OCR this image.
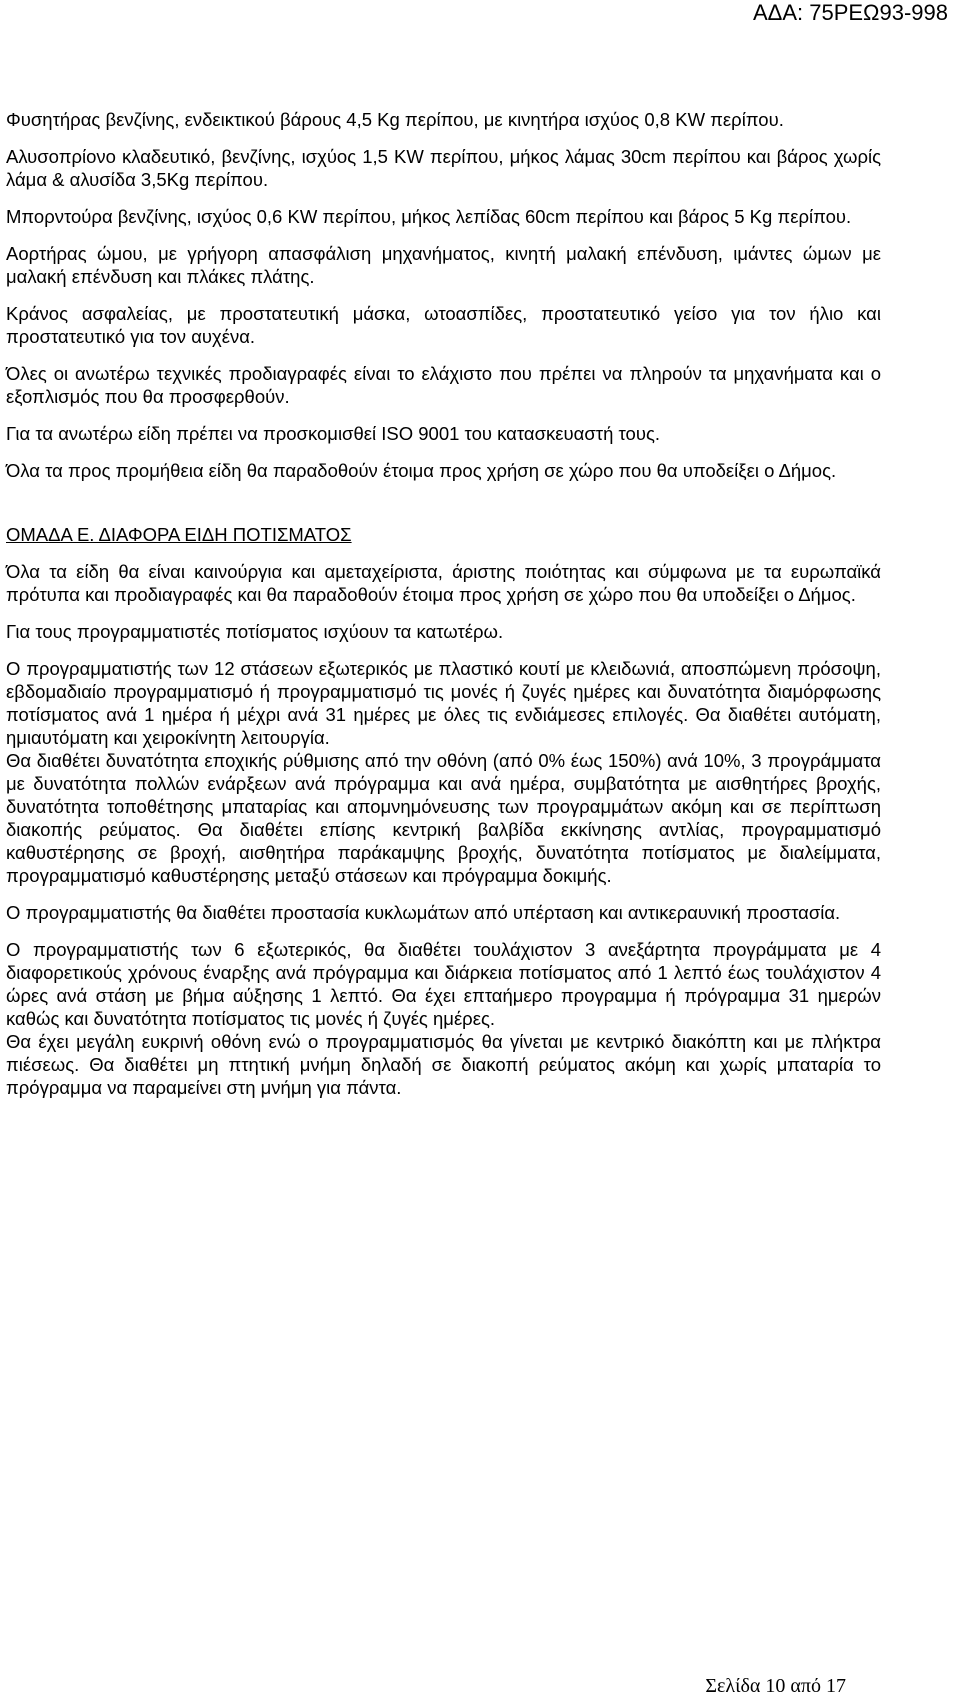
ΑΔΑ: 75ΡΕΩ93-998

Φυσητήρας βενζίνης, ενδεικτικού βάρους 4,5 Kg περίπου, με κινητήρα ισχύος 0,8 KW περίπου.

Αλυσοπρίονο κλαδευτικό, βενζίνης, ισχύος 1,5 KW περίπου, μήκος λάμας 30cm περίπου και βάρος χωρίς λάμα & αλυσίδα 3,5Kg περίπου.

Μπορντούρα βενζίνης, ισχύος 0,6 KW περίπου, μήκος λεπίδας 60cm περίπου και βάρος 5 Kg περίπου.

Αορτήρας ώμου, με γρήγορη απασφάλιση μηχανήματος, κινητή μαλακή επένδυση, ιμάντες ώμων με μαλακή επένδυση και πλάκες πλάτης.

Κράνος ασφαλείας, με προστατευτική μάσκα, ωτοασπίδες, προστατευτικό γείσο για τον ήλιο και προστατευτικό για τον αυχένα.

Όλες οι ανωτέρω τεχνικές προδιαγραφές είναι το ελάχιστο που πρέπει να πληρούν τα μηχανήματα και ο εξοπλισμός που θα προσφερθούν.

Για τα ανωτέρω είδη πρέπει να προσκομισθεί ISO 9001 του κατασκευαστή τους.

Όλα τα προς προμήθεια είδη θα παραδοθούν έτοιμα προς χρήση σε χώρο που θα υποδείξει ο Δήμος.

ΟΜΑΔΑ Ε. ΔΙΑΦΟΡΑ ΕΙΔΗ ΠΟΤΙΣΜΑΤΟΣ

Όλα τα είδη θα είναι καινούργια και αμεταχείριστα, άριστης ποιότητας και σύμφωνα με τα ευρωπαϊκά πρότυπα και προδιαγραφές και θα παραδοθούν έτοιμα προς χρήση σε χώρο που θα υποδείξει ο Δήμος.

Για τους προγραμματιστές ποτίσματος ισχύουν τα κατωτέρω.

Ο προγραμματιστής των 12 στάσεων εξωτερικός με πλαστικό κουτί με κλειδωνιά, αποσπώμενη πρόσοψη, εβδομαδιαίο προγραμματισμό ή προγραμματισμό τις μονές ή ζυγές ημέρες και δυνατότητα διαμόρφωσης ποτίσματος ανά 1 ημέρα ή μέχρι ανά 31 ημέρες με όλες τις ενδιάμεσες επιλογές. Θα διαθέτει αυτόματη, ημιαυτόματη και χειροκίνητη λειτουργία.

Θα διαθέτει δυνατότητα εποχικής ρύθμισης από την οθόνη (από 0% έως 150%) ανά 10%, 3 προγράμματα με δυνατότητα πολλών ενάρξεων ανά πρόγραμμα και ανά ημέρα, συμβατότητα με αισθητήρες βροχής, δυνατότητα τοποθέτησης μπαταρίας και απομνημόνευσης των προγραμμάτων ακόμη και σε περίπτωση διακοπής ρεύματος. Θα διαθέτει επίσης κεντρική βαλβίδα εκκίνησης αντλίας, προγραμματισμό καθυστέρησης σε βροχή, αισθητήρα παράκαμψης βροχής, δυνατότητα ποτίσματος με διαλείμματα, προγραμματισμό καθυστέρησης μεταξύ στάσεων και πρόγραμμα δοκιμής.

Ο προγραμματιστής θα διαθέτει προστασία κυκλωμάτων από υπέρταση και αντικεραυνική προστασία.

Ο προγραμματιστής των 6 εξωτερικός, θα διαθέτει τουλάχιστον 3 ανεξάρτητα προγράμματα με 4 διαφορετικούς χρόνους έναρξης ανά πρόγραμμα και διάρκεια ποτίσματος από 1 λεπτό έως τουλάχιστον 4 ώρες ανά στάση με βήμα αύξησης 1 λεπτό. Θα έχει επταήμερο προγραμμα ή πρόγραμμα 31 ημερών καθώς και δυνατότητα ποτίσματος τις μονές ή ζυγές ημέρες.

Θα έχει μεγάλη ευκρινή οθόνη ενώ ο προγραμματισμός θα γίνεται με κεντρικό διακόπτη και με πλήκτρα πιέσεως. Θα διαθέτει μη πτητική μνήμη δηλαδή σε διακοπή ρεύματος ακόμη και χωρίς μπαταρία το πρόγραμμα να παραμείνει στη μνήμη για πάντα.

Σελίδα 10 από 17
